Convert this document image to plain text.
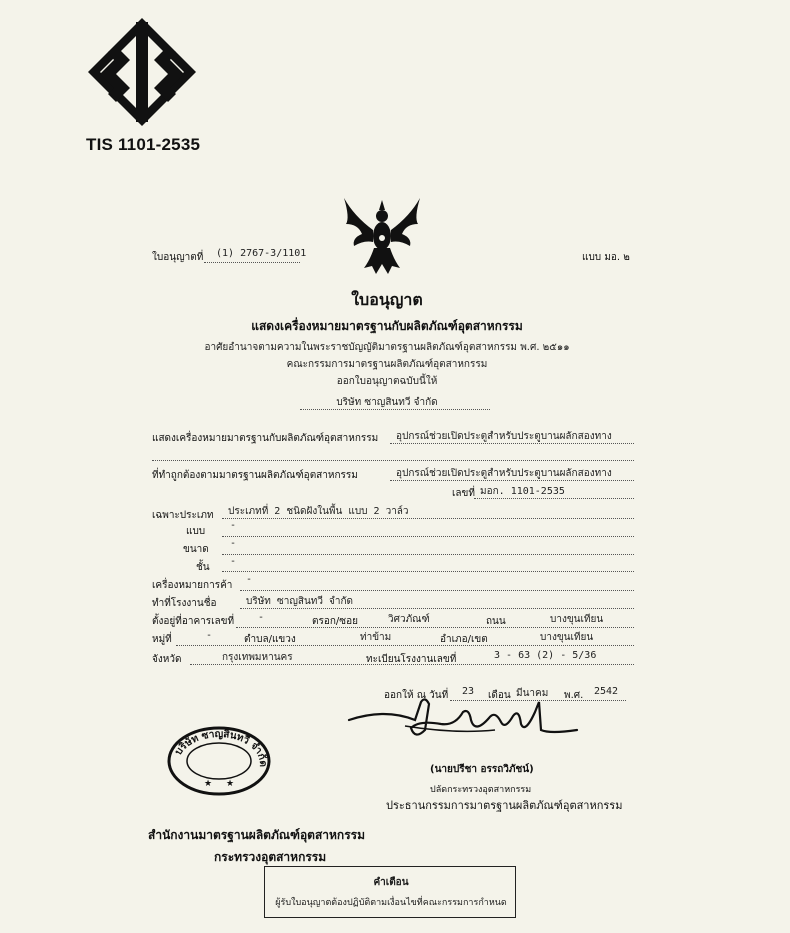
TIS 1101-2535
ใบอนุญาตที่ (1) 2767-3/1101	แบบ มอ. ๒
ใบอนุญาต
แสดงเครื่องหมายมาตรฐานกับผลิตภัณฑ์อุตสาหกรรม
อาศัยอำนาจตามความในพระราชบัญญัติมาตรฐานผลิตภัณฑ์อุตสาหกรรม พ.ศ. ๒๕๑๑
คณะกรรมการมาตรฐานผลิตภัณฑ์อุตสาหกรรม
ออกใบอนุญาตฉบับนี้ให้
บริษัท ซาญสินทวี จำกัด
แสดงเครื่องหมายมาตรฐานกับผลิตภัณฑ์อุตสาหกรรม อุปกรณ์ช่วยเปิดประตูสำหรับประตูบานผลักสองทาง
ที่ทำถูกต้องตามมาตรฐานผลิตภัณฑ์อุตสาหกรรม	อุปกรณ์ช่วยเปิดประตูสำหรับประตูบานผลักสองทาง
เลขที่ มอก. 1101-2535
เฉพาะประเภท ประเภทที่ 2 ชนิดฝังในพื้น แบบ 2 วาล์ว
แบบ
-
ขนาด
-
ชั้น
-
เครื่องหมายการค้า
-
ทำที่โรงงานชื่อ	บริษัท ซาญสินทวี จำกัด
ตั้งอยู่ที่อาคารเลขที่ -	ตรอก/ซอย	วิศวภัณฑ์	ถนน	บางขุนเทียน
หมู่ที่	-	ตำบล/แขวง	ท่าข้าม	อำเภอ/เขต	บางขุนเทียน
จังหวัด	กรุงเทพมหานคร	ทะเบียนโรงงานเลขที่	3 - 63 (2) - 5/36
ออกให้ ณ วันที่ 23 เดือน มีนาคม พ.ศ. 2542
(นายปรีชา อรรถวิภัชน์)
ปลัดกระทรวงอุตสาหกรรม
ประธานกรรมการมาตรฐานผลิตภัณฑ์อุตสาหกรรม
บริษัท ซาญสินทวี จำกัด
★ ★
สำนักงานมาตรฐานผลิตภัณฑ์อุตสาหกรรม
กระทรวงอุตสาหกรรม
คำเตือน
ผู้รับใบอนุญาตต้องปฏิบัติตามเงื่อนไขที่คณะกรรมการกำหนด
